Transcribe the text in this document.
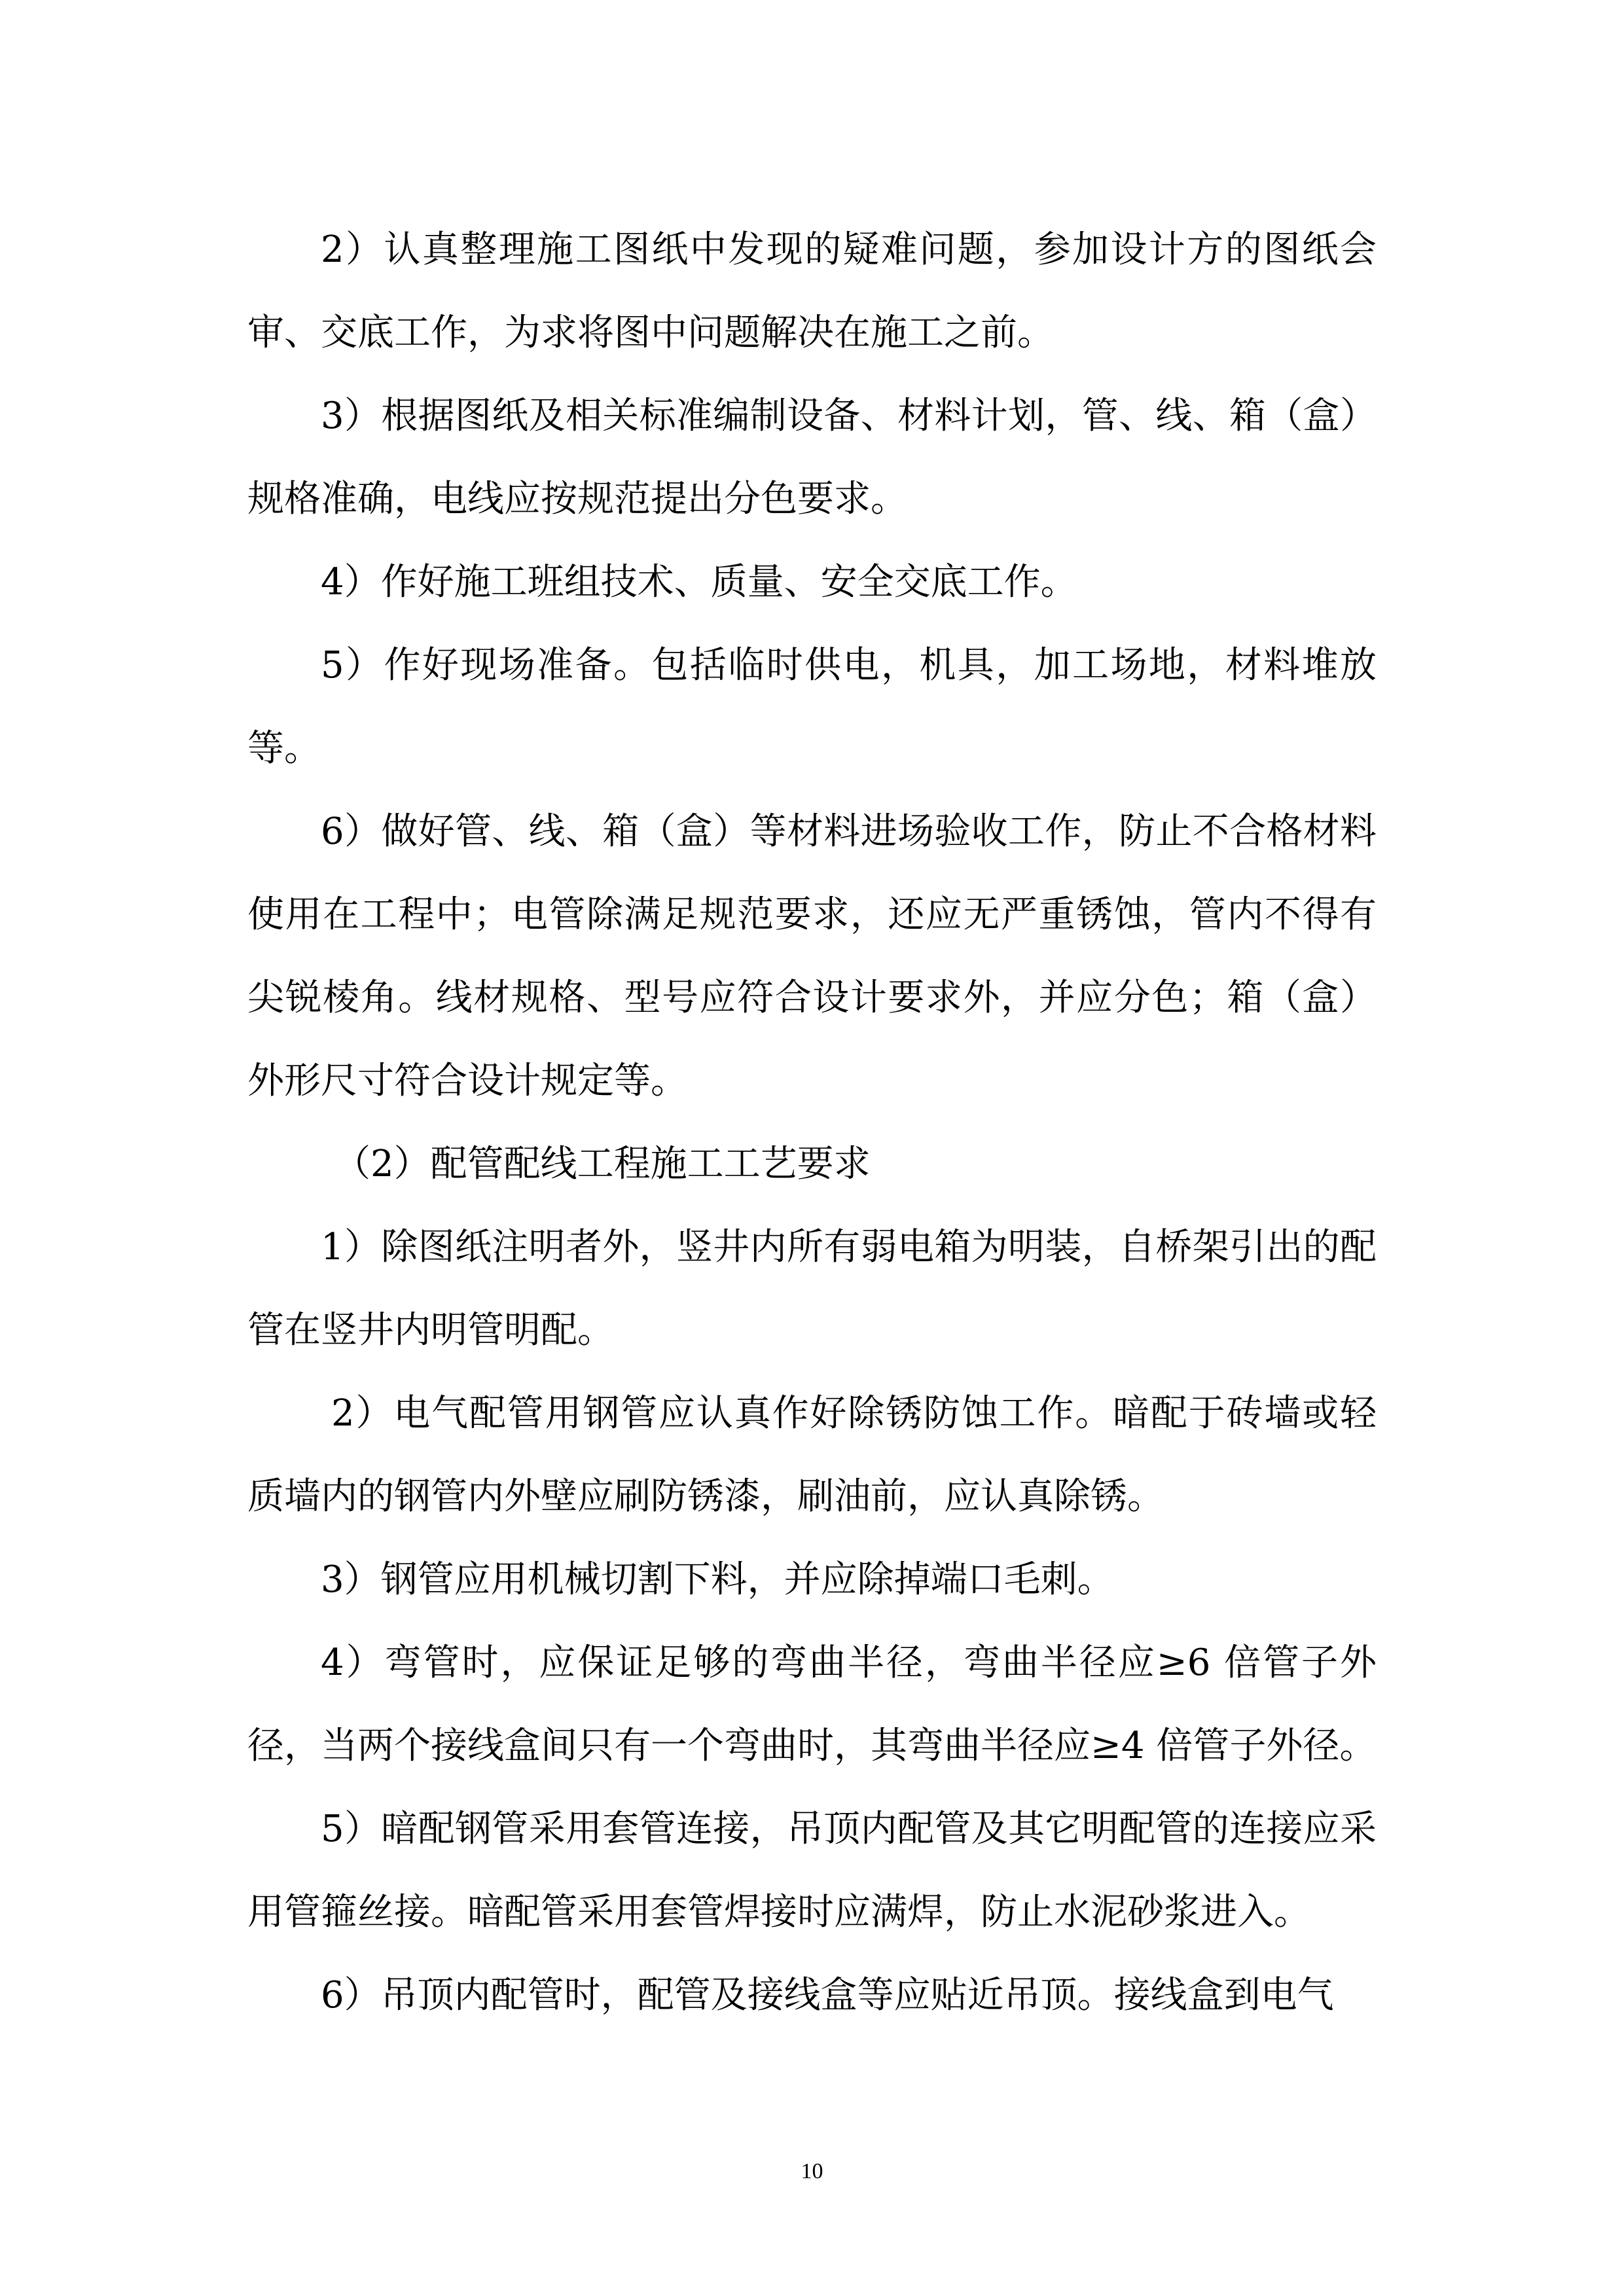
2）认真整理施工图纸中发现的疑难问题，参加设计方的图纸会审、交底工作，为求将图中问题解决在施工之前。

3）根据图纸及相关标准编制设备、材料计划，管、线、箱（盒）规格准确，电线应按规范提出分色要求。

4）作好施工班组技术、质量、安全交底工作。

5）作好现场准备。包括临时供电，机具，加工场地，材料堆放等。

6）做好管、线、箱（盒）等材料进场验收工作，防止不合格材料使用在工程中；电管除满足规范要求，还应无严重锈蚀，管内不得有尖锐棱角。线材规格、型号应符合设计要求外，并应分色；箱（盒）外形尺寸符合设计规定等。

（2）配管配线工程施工工艺要求

1）除图纸注明者外，竖井内所有弱电箱为明装，自桥架引出的配管在竖井内明管明配。

2）电气配管用钢管应认真作好除锈防蚀工作。暗配于砖墙或轻质墙内的钢管内外壁应刷防锈漆，刷油前，应认真除锈。

3）钢管应用机械切割下料，并应除掉端口毛刺。

4）弯管时，应保证足够的弯曲半径，弯曲半径应≥6 倍管子外径，当两个接线盒间只有一个弯曲时，其弯曲半径应≥4 倍管子外径。

5）暗配钢管采用套管连接，吊顶内配管及其它明配管的连接应采用管箍丝接。暗配管采用套管焊接时应满焊，防止水泥砂浆进入。

6）吊顶内配管时，配管及接线盒等应贴近吊顶。接线盒到电气

10
